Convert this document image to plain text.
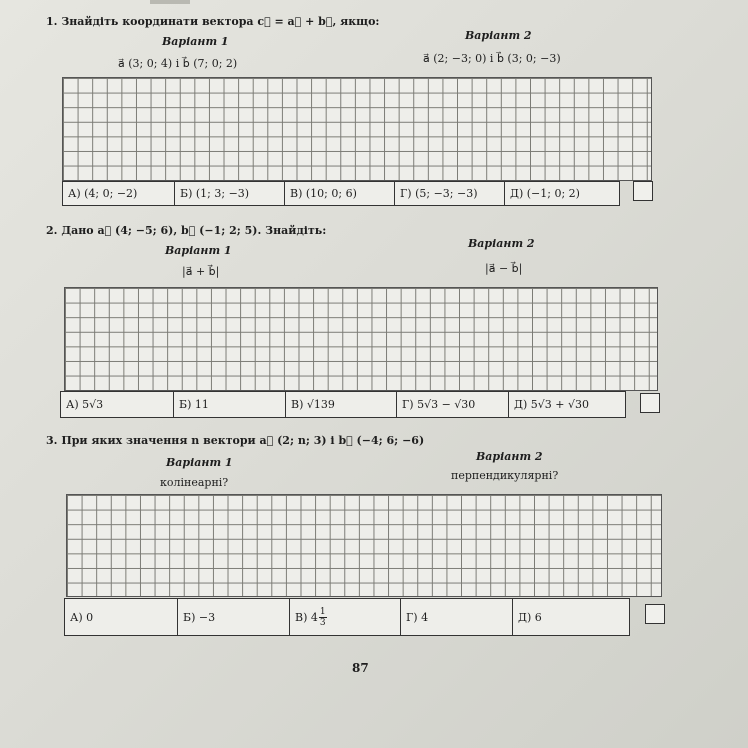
1. Знайдіть координати вектора c⃗ = a⃗ + b⃗, якщо:
Варіант 1
a⃗ (3; 0; 4) і b⃗ (7; 0; 2)
Варіант 2
a⃗ (2; −3; 0) і b⃗ (3; 0; −3)
А) (4; 0; −2)	Б) (1; 3; −3)	В) (10; 0; 6)	Г) (5; −3; −3)	Д) (−1; 0; 2)
2. Дано a⃗ (4; −5; 6), b⃗ (−1; 2; 5). Знайдіть:
Варіант 1
|a⃗ + b⃗|
Варіант 2
|a⃗ − b⃗|
А) 5√3	Б) 11	В) √139	Г) 5√3 − √30	Д) 5√3 + √30
3. При яких значення n вектори a⃗ (2; n; 3) і b⃗ (−4; 6; −6)
Варіант 1
колінеарні?
Варіант 2
перпендикулярні?
А) 0	Б) −3	В) $4 \frac{1}{3}$	Г) 4	Д) 6
87
